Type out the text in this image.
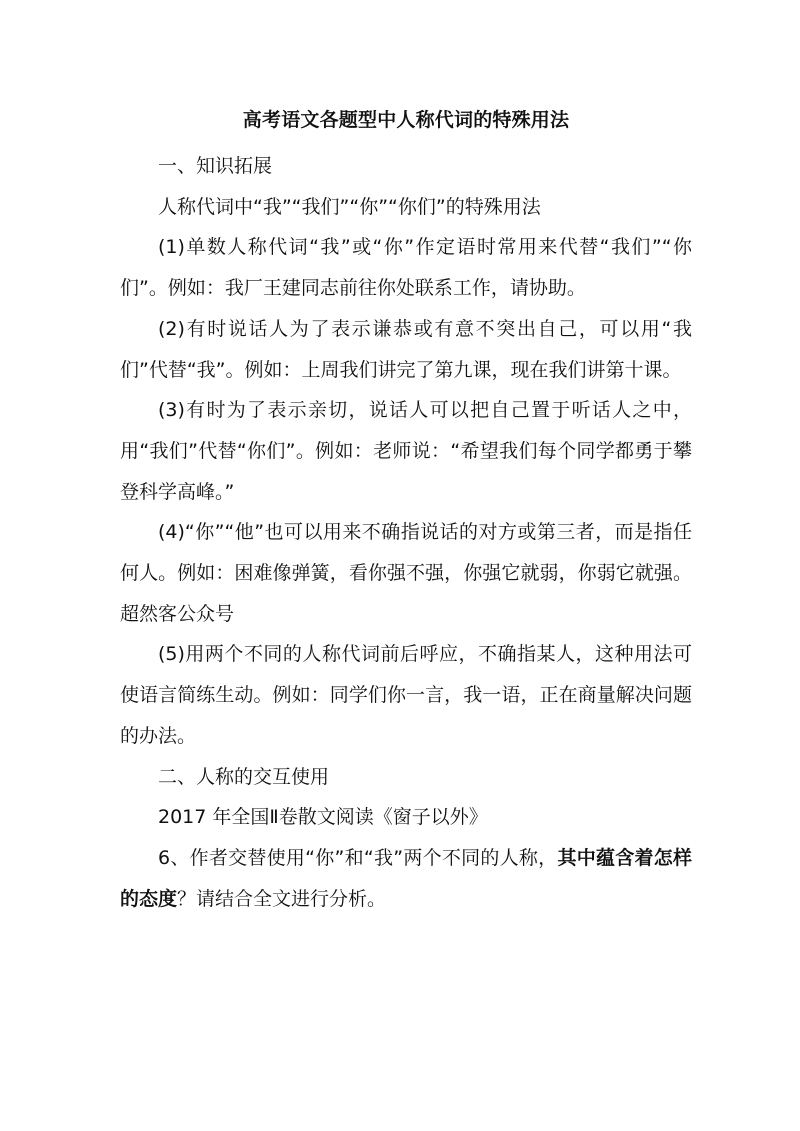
高考语文各题型中人称代词的特殊用法

一、知识拓展

人称代词中“我”“我们”“你”“你们”的特殊用法

(1)单数人称代词“我”或“你”作定语时常用来代替“我们”“你们”。例如：我厂王建同志前往你处联系工作，请协助。

(2)有时说话人为了表示谦恭或有意不突出自己，可以用“我们”代替“我”。例如：上周我们讲完了第九课，现在我们讲第十课。

(3)有时为了表示亲切，说话人可以把自己置于听话人之中，用“我们”代替“你们”。例如：老师说：“希望我们每个同学都勇于攀登科学高峰。”

(4)“你”“他”也可以用来不确指说话的对方或第三者，而是指任何人。例如：困难像弹簧，看你强不强，你强它就弱，你弱它就强。超然客公众号

(5)用两个不同的人称代词前后呼应，不确指某人，这种用法可使语言简练生动。例如：同学们你一言，我一语，正在商量解决问题的办法。

二、人称的交互使用

2017 年全国Ⅱ卷散文阅读《窗子以外》

6、作者交替使用“你”和“我”两个不同的人称，其中蕴含着怎样的态度？请结合全文进行分析。
